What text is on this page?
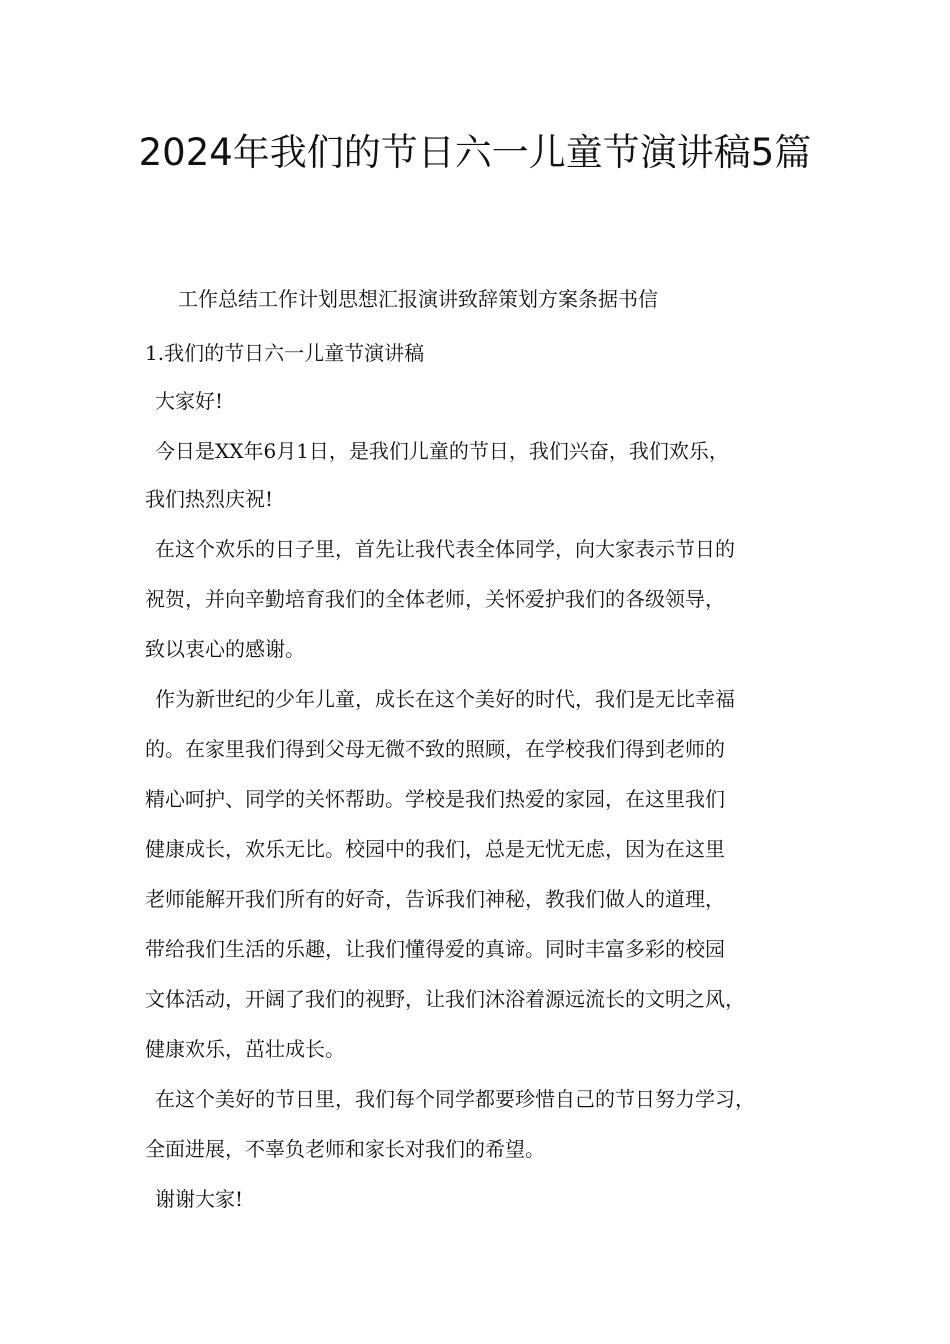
2024年我们的节日六一儿童节演讲稿5篇
工作总结工作计划思想汇报演讲致辞策划方案条据书信
1.我们的节日六一儿童节演讲稿
大家好!
今日是XX年6月1日，是我们儿童的节日，我们兴奋，我们欢乐，
我们热烈庆祝!
在这个欢乐的日子里，首先让我代表全体同学，向大家表示节日的
祝贺，并向辛勤培育我们的全体老师，关怀爱护我们的各级领导，
致以衷心的感谢。
作为新世纪的少年儿童，成长在这个美好的时代，我们是无比幸福
的。在家里我们得到父母无微不致的照顾，在学校我们得到老师的
精心呵护、同学的关怀帮助。学校是我们热爱的家园，在这里我们
健康成长，欢乐无比。校园中的我们，总是无忧无虑，因为在这里
老师能解开我们所有的好奇，告诉我们神秘，教我们做人的道理，
带给我们生活的乐趣，让我们懂得爱的真谛。同时丰富多彩的校园
文体活动，开阔了我们的视野，让我们沐浴着源远流长的文明之风，
健康欢乐，茁壮成长。
在这个美好的节日里，我们每个同学都要珍惜自己的节日努力学习，
全面进展，不辜负老师和家长对我们的希望。
谢谢大家!
